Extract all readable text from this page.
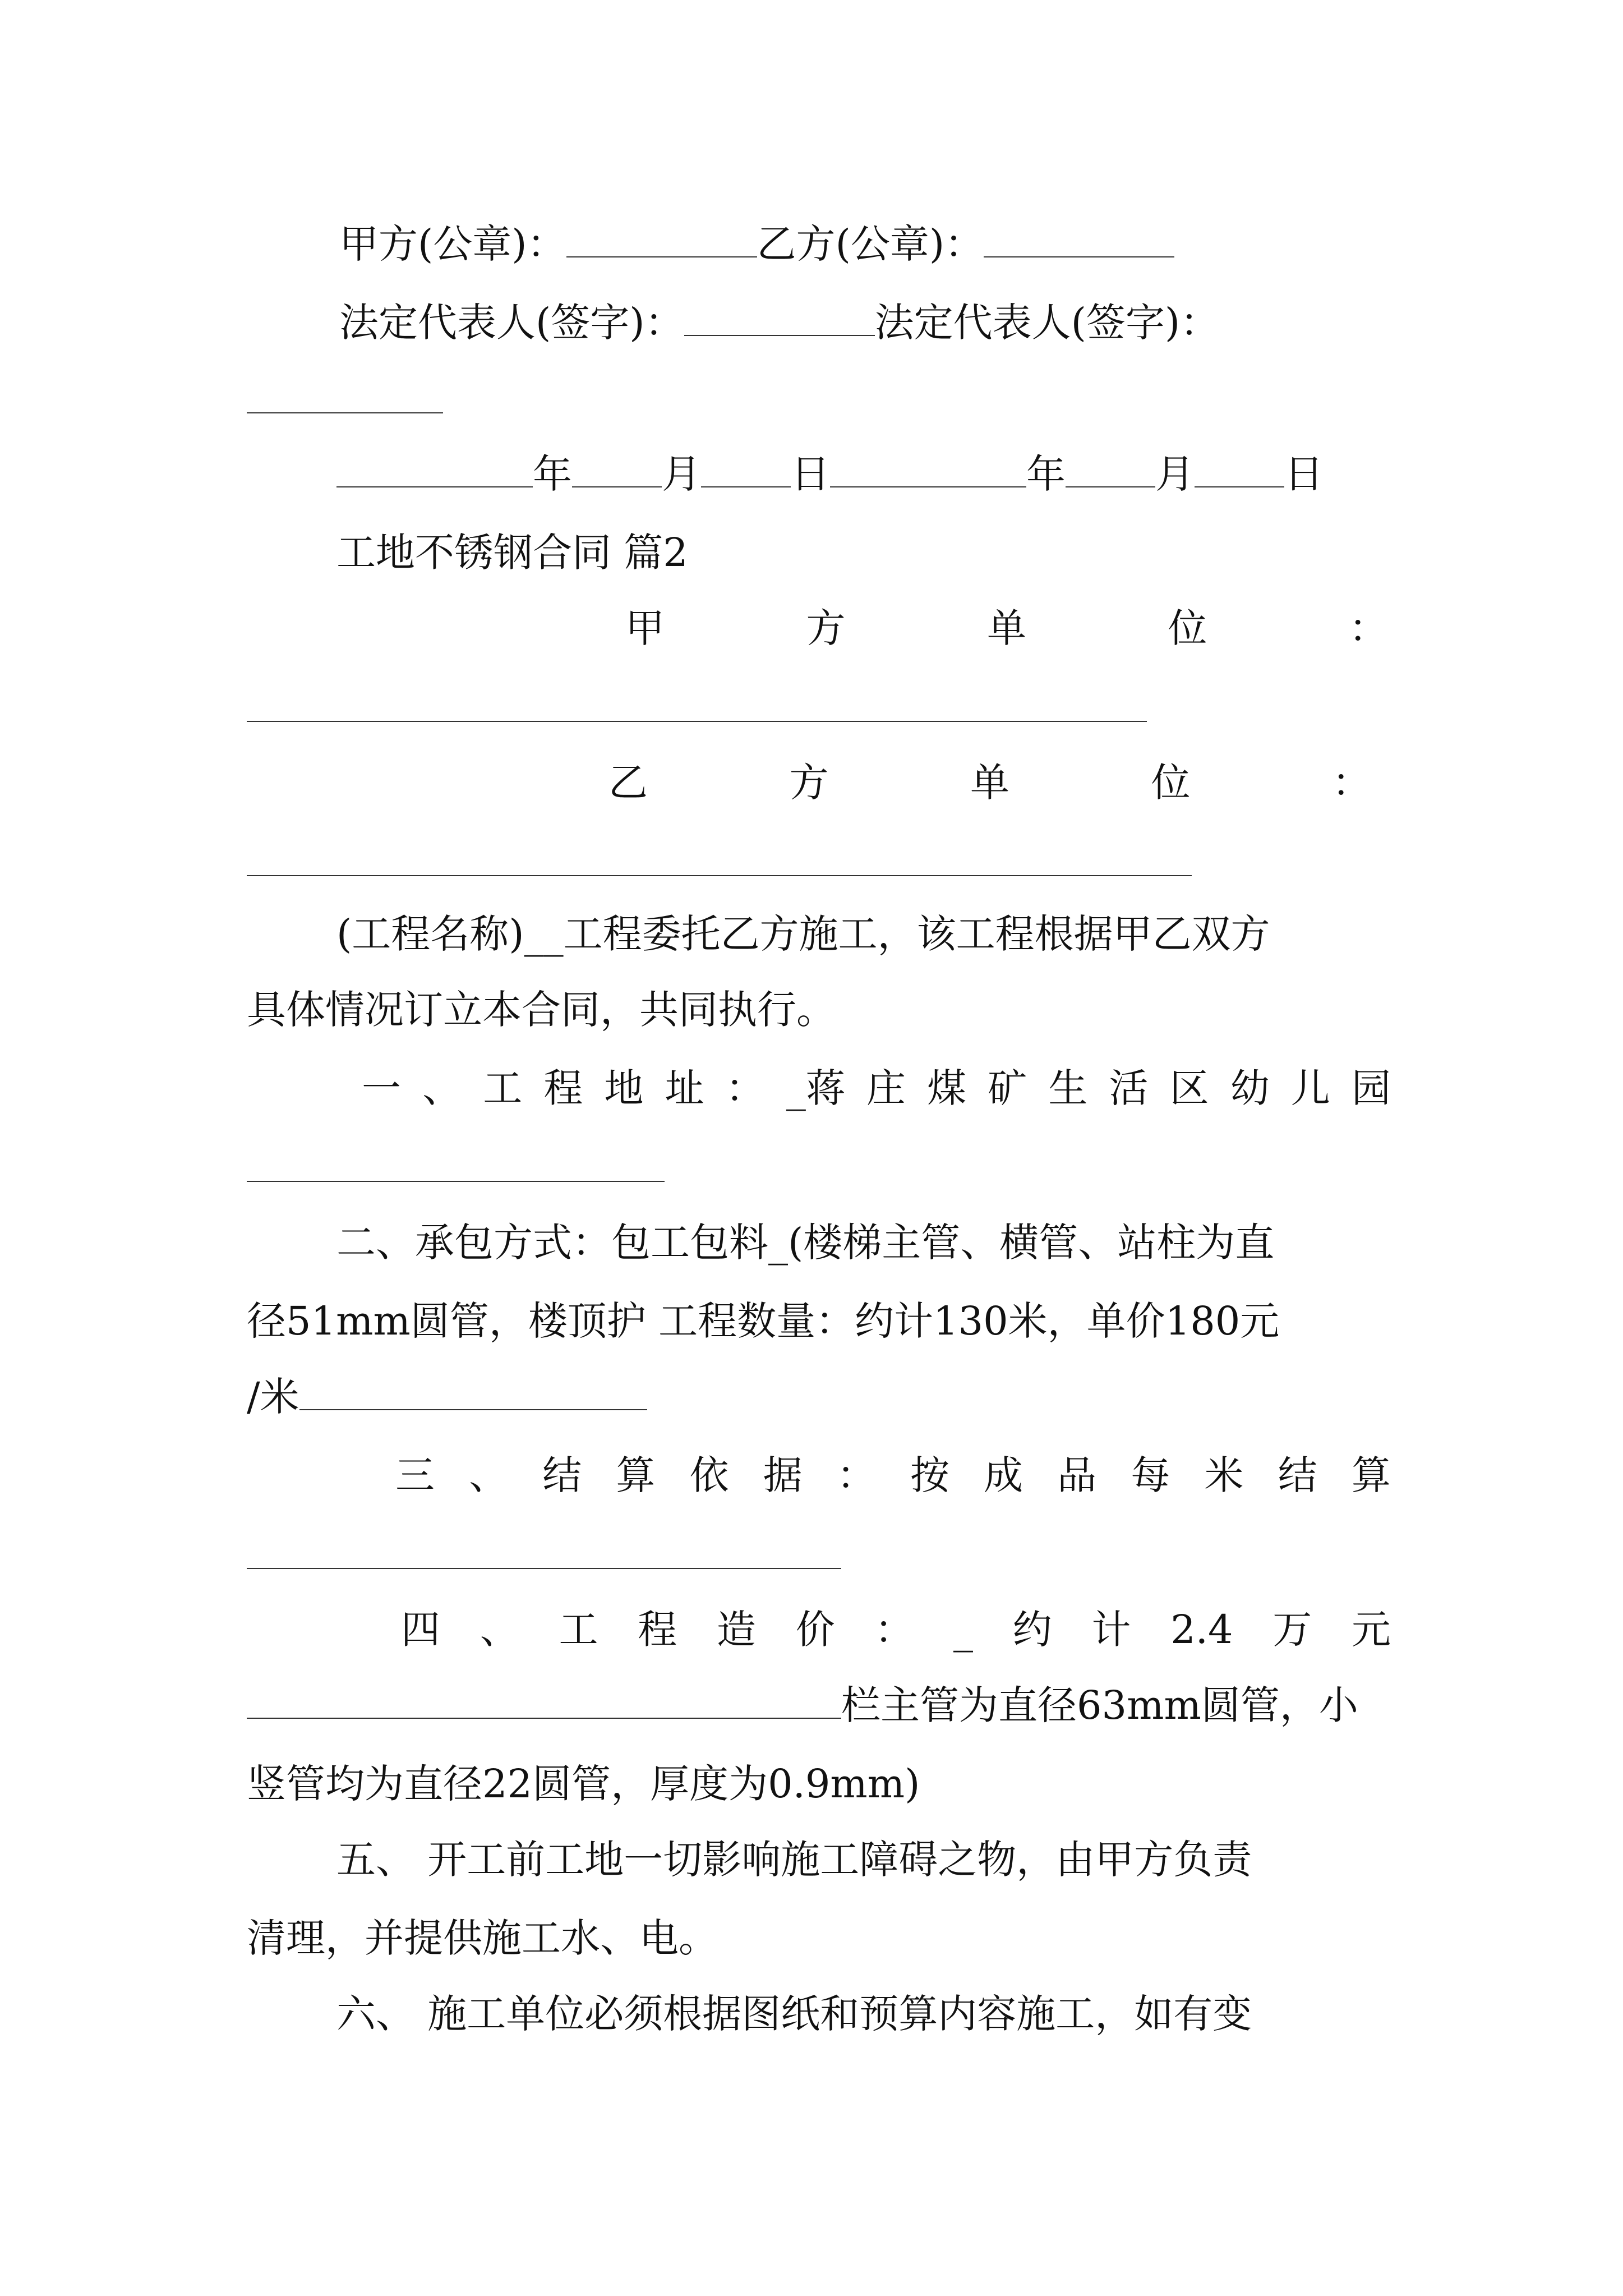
甲方(公章)：	乙方(公章)：
法定代表人(签字)：	法定代表人(签字)：
年 月 日	年 月 日
工地不锈钢合同 篇2
甲	方	单	位	：
乙	方	单	位	：
(工程名称)__工程委托乙方施工，该工程根据甲乙双方
具体情况订立本合同，共同执行。
一 、 工 程 地 址 ： _蒋 庄 煤 矿 生 活 区 幼 儿 园
二、承包方式：包工包料_(楼梯主管、横管、站柱为直
径51mm圆管，楼顶护 工程数量：约计130米，单价180元
/米
三 、 结 算 依 据 ： 按 成 品 每 米 结 算
四 、 工 程 造 价 ： _ 约 计 2.4 万 元
栏主管为直径63mm圆管，小
竖管均为直径22圆管，厚度为0.9mm)
五、 开工前工地一切影响施工障碍之物，由甲方负责
清理，并提供施工水、电。
六、 施工单位必须根据图纸和预算内容施工，如有变
